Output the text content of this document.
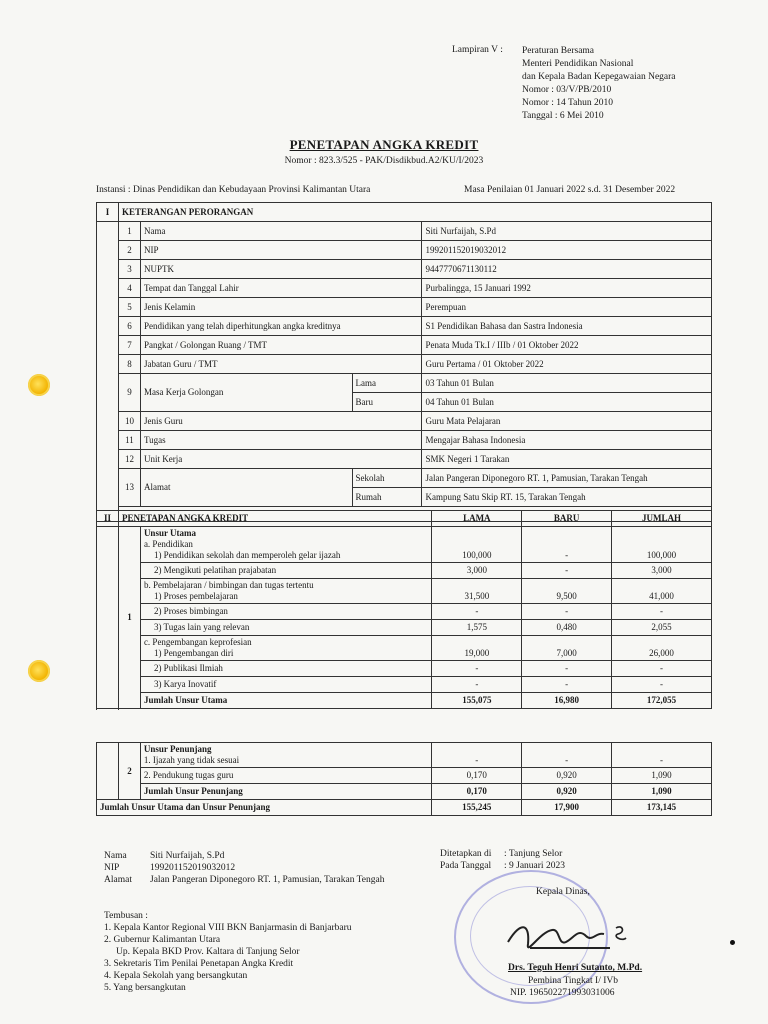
Lampiran V :	Peraturan Bersama
Menteri Pendidikan Nasional
dan Kepala Badan Kepegawaian Negara
Nomor : 03/V/PB/2010
Nomor : 14 Tahun 2010
Tanggal : 6 Mei 2010
PENETAPAN ANGKA KREDIT
Nomor : 823.3/525 - PAK/Disdikbud.A2/KU/I/2023
Instansi : Dinas Pendidikan dan Kebudayaan Provinsi Kalimantan Utara	Masa Penilaian 01 Januari 2022 s.d. 31 Desember 2022
I	KETERANGAN PERORANGAN			
	1	Nama		Siti Nurfaijah, S.Pd
	2	NIP		199201152019032012
	3	NUPTK		9447770671130112
	4	Tempat dan Tanggal Lahir		Purbalingga, 15 Januari 1992
	5	Jenis Kelamin		Perempuan
	6	Pendidikan yang telah diperhitungkan angka kreditnya		S1 Pendidikan Bahasa dan Sastra Indonesia
	7	Pangkat / Golongan Ruang / TMT		Penata Muda Tk.I / IIIb / 01 Oktober 2022
	8	Jabatan Guru / TMT		Guru Pertama / 01 Oktober 2022
	9	Masa Kerja Golongan	Lama	03 Tahun 01 Bulan
			Baru	04 Tahun 01 Bulan
	10	Jenis Guru		Guru Mata Pelajaran
	11	Tugas		Mengajar Bahasa Indonesia
	12	Unit Kerja		SMK Negeri 1 Tarakan
	13	Alamat	Sekolah	Jalan Pangeran Diponegoro RT. 1, Pamusian, Tarakan Tengah
			Rumah	Kampung Satu Skip RT. 15, Tarakan Tengah

II	PENETAPAN ANGKA KREDIT		LAMA	BARU	JUMLAH
	1	Unsur Utama
a. Pendidikan
1) Pendidikan sekolah dan memperoleh gelar ijazah	100,000	-	100,000
		2) Mengikuti pelatihan prajabatan	3,000	-	3,000

		b. Pembelajaran / bimbingan dan tugas tertentu
1) Proses pembelajaran	31,500	9,500	41,000
		2) Proses bimbingan	-	-	-
		3) Tugas lain yang relevan	1,575	0,480	2,055

		c. Pengembangan keprofesian
1) Pengembangan diri	19,000	7,000	26,000
		2) Publikasi Ilmiah	-	-	-
		3) Karya Inovatif	-	-	-
		Jumlah Unsur Utama	155,075	16,980	172,055

	2	Unsur Penunjang
1. Ijazah yang tidak sesuai	-	-	-
		2. Pendukung tugas guru	0,170	0,920	1,090
		Jumlah Unsur Penunjang	0,170	0,920	1,090
Jumlah Unsur Utama dan Unsur Penunjang			155,245	17,900	173,145
Nama Siti Nurfaijah, S.Pd
NIP	199201152019032012
Alamat Jalan Pangeran Diponegoro RT. 1, Pamusian, Tarakan Tengah
Ditetapkan di : Tanjung Selor
Pada Tanggal : 9 Januari 2023
Tembusan :
1. Kepala Kantor Regional VIII BKN Banjarmasin di Banjarbaru
2. Gubernur Kalimantan Utara
Up. Kepala BKD Prov. Kaltara di Tanjung Selor
3. Sekretaris Tim Penilai Penetapan Angka Kredit
4. Kepala Sekolah yang bersangkutan
5. Yang bersangkutan
Kepala Dinas,
Drs. Teguh Henri Sutanto, M.Pd.
Pembina Tingkat I/ IVb
NIP. 196502271993031006
